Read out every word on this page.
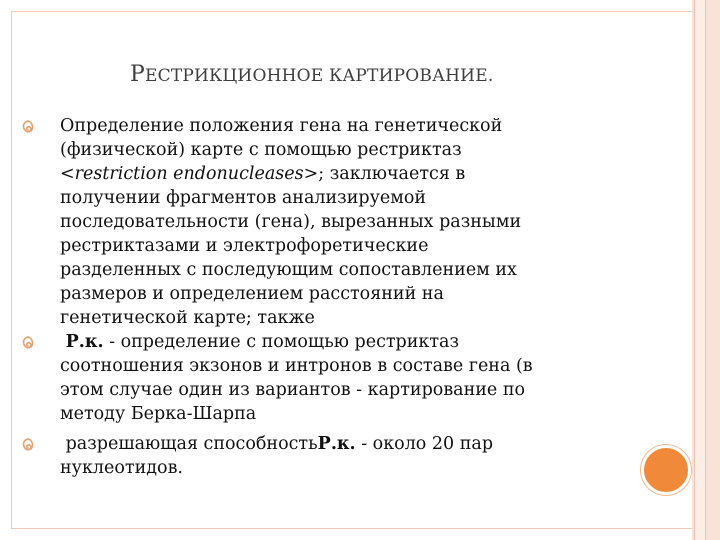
РЕСТРИКЦИОННОЕ КАРТИРОВАНИЕ.
Определение положения гена на генетической
(физической) карте с помощью рестриктаз
<restriction endonucleases>; заключается в
получении фрагментов анализируемой
последовательности (гена), вырезанных разными
рестриктазами и электрофоретические
разделенных с последующим сопоставлением их
размеров и определением расстояний на
генетической карте; также
Р.к. - определение с помощью рестриктаз
соотношения экзонов и интронов в составе гена (в
этом случае один из вариантов - картирование по
методу Берка-Шарпа
разрешающая способностьР.к. - около 20 пар
нуклеотидов.
